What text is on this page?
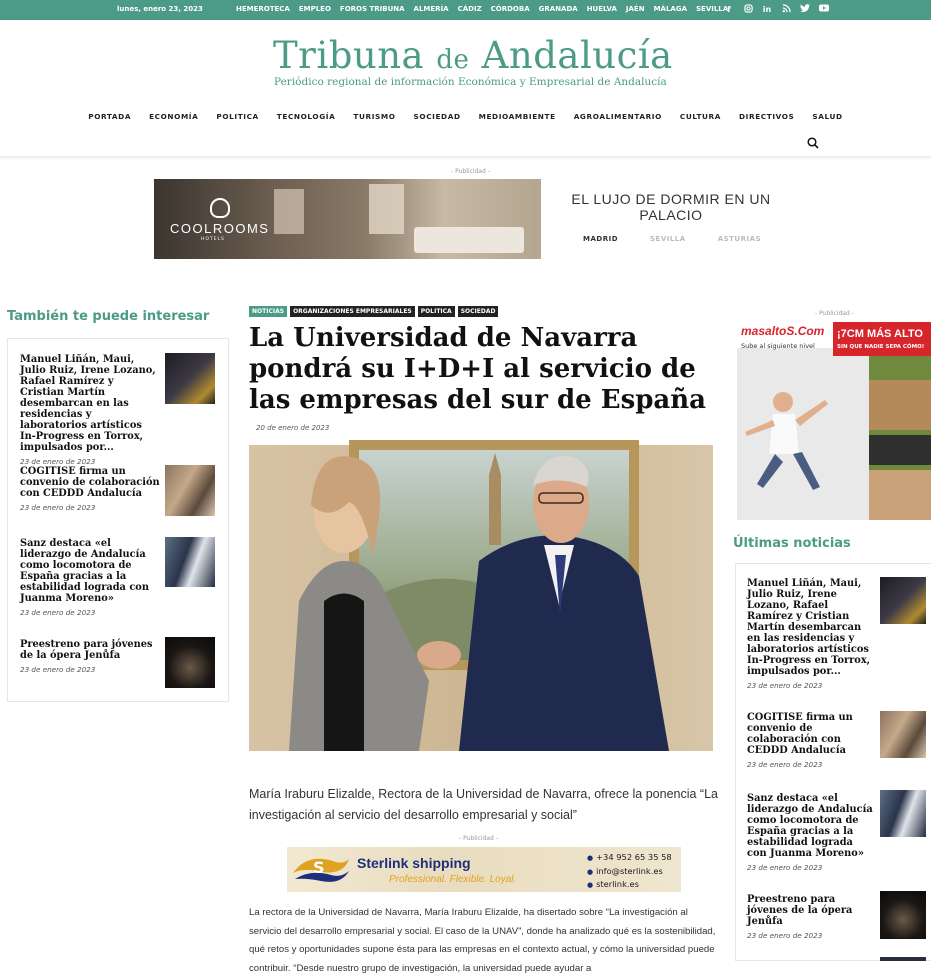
lunes, enero 23, 2023	HEMEROTECA EMPLEO FOROS TRIBUNA ALMERÍA CÁDIZ CÓRDOBA GRANADA HUELVA JAÉN MÁLAGA SEVILLA f	in
Tribuna de Andalucía
Periódico regional de información Económica y Empresarial de Andalucía
PORTADA ECONOMÍA POLITICA TECNOLOGÍA TURISMO SOCIEDAD MEDIOAMBIENTE AGROALIMENTARIO CULTURA DIRECTIVOS SALUD
- Publicidad -
COOLROOMS
HOTELS
EL LUJO DE DORMIR EN UN PALACIO
MADRID	SEVILLA	ASTURIAS
También te puede interesar
Manuel Liñán, Maui, Julio Ruiz, Irene Lozano, Rafael Ramírez y Cristian Martín desembarcan en las residencias y laboratorios artísticos In-Progress en Torrox, impulsados por...
23 de enero de 2023
COGITISE firma un convenio de colaboración con CEDDD Andalucía
23 de enero de 2023
Sanz destaca «el liderazgo de Andalucía como locomotora de España gracias a la estabilidad lograda con Juanma Moreno»
23 de enero de 2023
Preestreno para jóvenes de la ópera Jenůfa
23 de enero de 2023
NOTICIAS	ORGANIZACIONES EMPRESARIALES	POLITICA	SOCIEDAD
La Universidad de Navarra pondrá su I+D+I al servicio de las empresas del sur de España
20 de enero de 2023
María Iraburu Elizalde, Rectora de la Universidad de Navarra, ofrece la ponencia “La investigación al servicio del desarrollo empresarial y social”
- Publicidad -
S Sterlink shipping
Professional. Flexible. Loyal.
● +34 952 65 35 58
● info@sterlink.es
● sterlink.es
La rectora de la Universidad de Navarra, María Iraburu Elizalde, ha disertado sobre “La investigación al servicio del desarrollo empresarial y social. El caso de la UNAV”, donde ha analizado qué es la sostenibilidad, qué retos y oportunidades supone ésta para las empresas en el contexto actual, y cómo la universidad puede contribuir. “Desde nuestro grupo de investigación, la universidad puede ayudar a
- Publicidad -
masaltoS.Com
Sube al siguiente nivel
¡7CM MÁS ALTO
SIN QUE NADIE SEPA CÓMO!
Últimas noticias
Manuel Liñán, Maui, Julio Ruiz, Irene Lozano, Rafael Ramírez y Cristian Martín desembarcan en las residencias y laboratorios artísticos In-Progress en Torrox, impulsados por...
23 de enero de 2023
COGITISE firma un convenio de colaboración con CEDDD Andalucía
23 de enero de 2023
Sanz destaca «el liderazgo de Andalucía como locomotora de España gracias a la estabilidad lograda con Juanma Moreno»
23 de enero de 2023
Preestreno para jóvenes de la ópera Jenůfa
23 de enero de 2023
